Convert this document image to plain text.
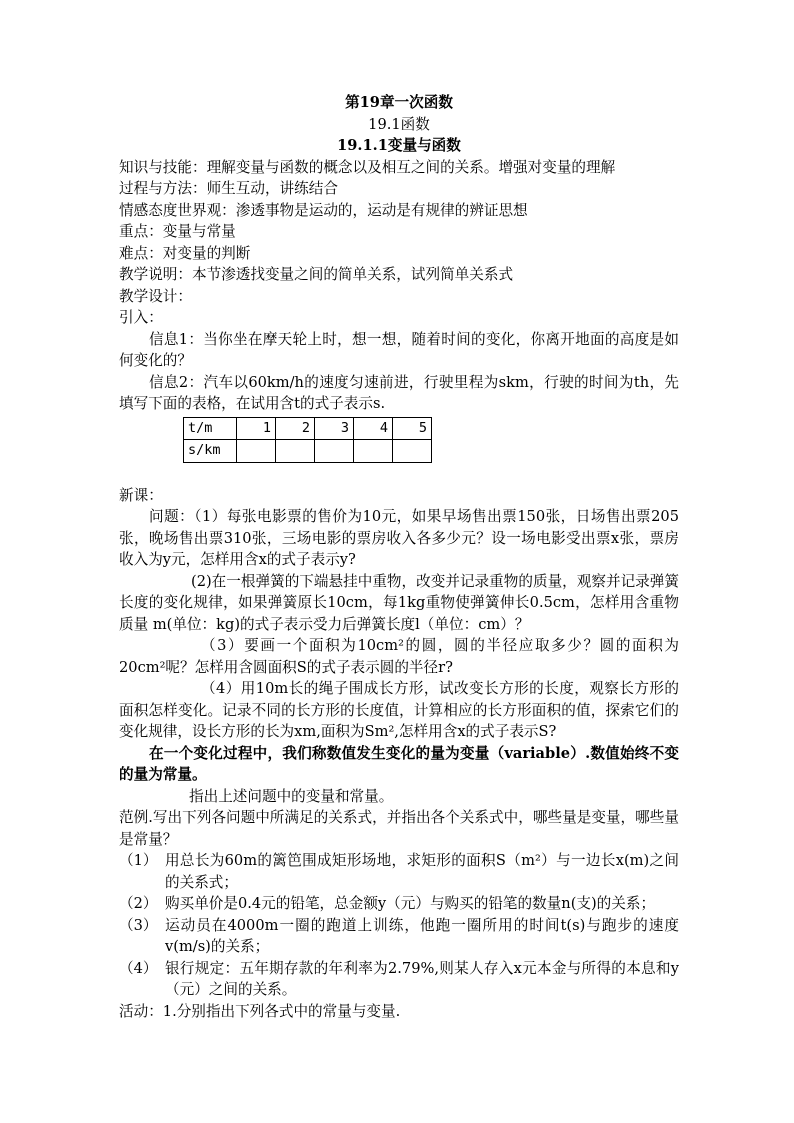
第19章一次函数

19.1函数

19.1.1变量与函数

知识与技能：理解变量与函数的概念以及相互之间的关系。增强对变量的理解

过程与方法：师生互动，讲练结合

情感态度世界观：渗透事物是运动的，运动是有规律的辨证思想

重点：变量与常量

难点：对变量的判断

教学说明：本节渗透找变量之间的简单关系，试列简单关系式

教学设计：

引入：

信息1：当你坐在摩天轮上时，想一想，随着时间的变化，你离开地面的高度是如何变化的？

信息2：汽车以60km/h的速度匀速前进，行驶里程为skm，行驶的时间为th，先填写下面的表格，在试用含t的式子表示s.

t/m	1	2	3	4	5
s/km					

新课：

问题：（1）每张电影票的售价为10元，如果早场售出票150张，日场售出票205张，晚场售出票310张，三场电影的票房收入各多少元？设一场电影受出票x张，票房收入为y元，怎样用含x的式子表示y?

(2)在一根弹簧的下端悬挂中重物，改变并记录重物的质量，观察并记录弹簧长度的变化规律，如果弹簧原长10cm，每1kg重物使弹簧伸长0.5cm，怎样用含重物质量 m(单位：kg)的式子表示受力后弹簧长度l（单位：cm）？

（3）要画一个面积为10cm²的圆，圆的半径应取多少？圆的面积为20cm²呢？怎样用含圆面积S的式子表示圆的半径r?

（4）用10m长的绳子围成长方形，试改变长方形的长度，观察长方形的面积怎样变化。记录不同的长方形的长度值，计算相应的长方形面积的值，探索它们的变化规律，设长方形的长为xm,面积为Sm²,怎样用含x的式子表示S?

在一个变化过程中，我们称数值发生变化的量为变量（variable）.数值始终不变的量为常量。

指出上述问题中的变量和常量。

范例.写出下列各问题中所满足的关系式，并指出各个关系式中，哪些量是变量，哪些量是常量？

（1） 用总长为60m的篱笆围成矩形场地，求矩形的面积S（m²）与一边长x(m)之间的关系式；
（2） 购买单价是0.4元的铅笔，总金额y（元）与购买的铅笔的数量n(支)的关系；
（3） 运动员在4000m一圈的跑道上训练，他跑一圈所用的时间t(s)与跑步的速度v(m/s)的关系；
（4） 银行规定：五年期存款的年利率为2.79%,则某人存入x元本金与所得的本息和y（元）之间的关系。

活动：1.分别指出下列各式中的常量与变量.
